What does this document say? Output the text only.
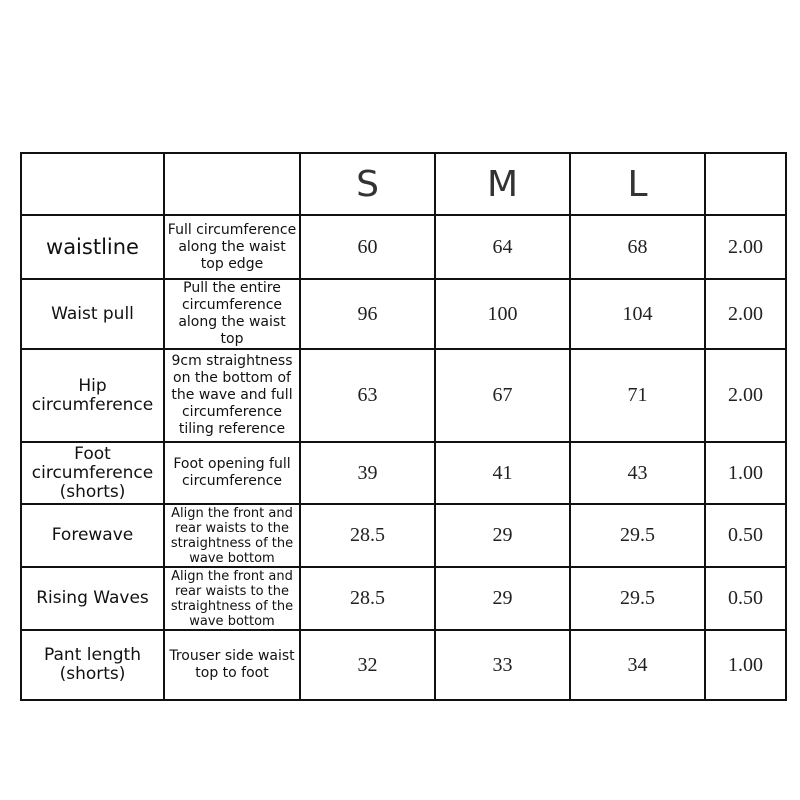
		S	M	L	
waistline	Full circumference along the waist top edge	60	64	68	2.00
Waist pull	Pull the entire circumference along the waist top	96	100	104	2.00
Hip circumference	9cm straightness on the bottom of the wave and full circumference tiling reference	63	67	71	2.00
Foot circumference (shorts)	Foot opening full circumference	39	41	43	1.00
Forewave	Align the front and rear waists to the straightness of the wave bottom	28.5	29	29.5	0.50
Rising Waves	Align the front and rear waists to the straightness of the wave bottom	28.5	29	29.5	0.50
Pant length (shorts)	Trouser side waist top to foot	32	33	34	1.00
